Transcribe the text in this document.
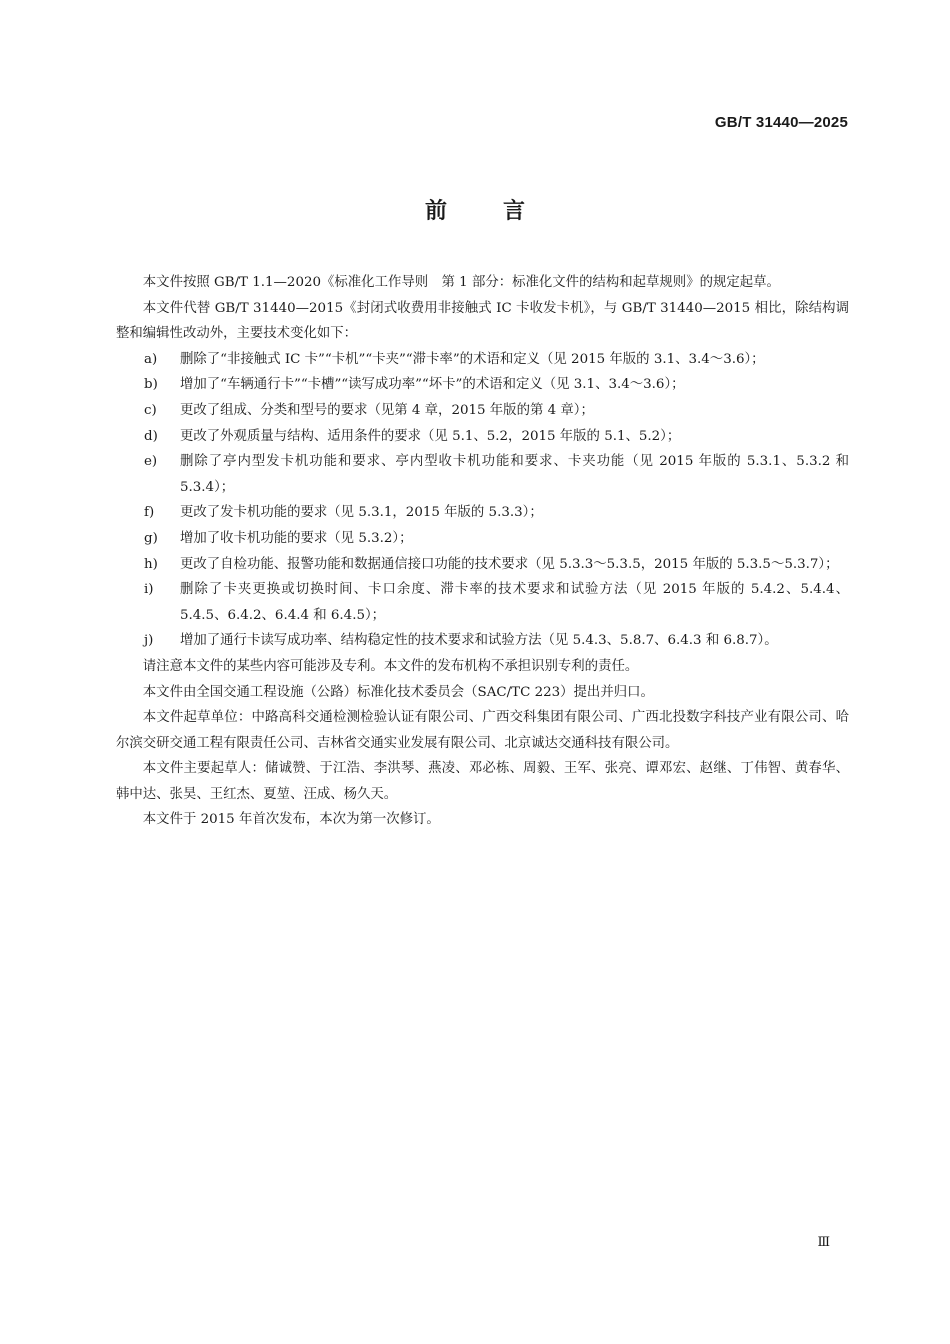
GB/T 31440—2025
前言

本文件按照 GB/T 1.1—2020《标准化工作导则　第 1 部分：标准化文件的结构和起草规则》的规定起草。

本文件代替 GB/T 31440—2015《封闭式收费用非接触式 IC 卡收发卡机》，与 GB/T 31440—2015 相比，除结构调整和编辑性改动外，主要技术变化如下：

a)	删除了“非接触式 IC 卡”“卡机”“卡夹”“滞卡率”的术语和定义（见 2015 年版的 3.1、3.4～3.6）；
b)	增加了“车辆通行卡”“卡槽”“读写成功率”“坏卡”的术语和定义（见 3.1、3.4～3.6）；
c)	更改了组成、分类和型号的要求（见第 4 章，2015 年版的第 4 章）；
d)	更改了外观质量与结构、适用条件的要求（见 5.1、5.2，2015 年版的 5.1、5.2）；
e)	删除了亭内型发卡机功能和要求、亭内型收卡机功能和要求、卡夹功能（见 2015 年版的 5.3.1、5.3.2 和 5.3.4）；
f)	更改了发卡机功能的要求（见 5.3.1，2015 年版的 5.3.3）；
g)	增加了收卡机功能的要求（见 5.3.2）；
h)	更改了自检功能、报警功能和数据通信接口功能的技术要求（见 5.3.3～5.3.5，2015 年版的 5.3.5～5.3.7）；
i)	删除了卡夹更换或切换时间、卡口余度、滞卡率的技术要求和试验方法（见 2015 年版的 5.4.2、5.4.4、5.4.5、6.4.2、6.4.4 和 6.4.5）；
j)	增加了通行卡读写成功率、结构稳定性的技术要求和试验方法（见 5.4.3、5.8.7、6.4.3 和 6.8.7）。

请注意本文件的某些内容可能涉及专利。本文件的发布机构不承担识别专利的责任。

本文件由全国交通工程设施（公路）标准化技术委员会（SAC/TC 223）提出并归口。

本文件起草单位：中路高科交通检测检验认证有限公司、广西交科集团有限公司、广西北投数字科技产业有限公司、哈尔滨交研交通工程有限责任公司、吉林省交通实业发展有限公司、北京诚达交通科技有限公司。

本文件主要起草人：储诚赞、于江浩、李洪琴、燕凌、邓必栋、周毅、王军、张亮、谭邓宏、赵继、丁伟智、黄春华、韩中达、张昊、王红杰、夏堃、汪成、杨久天。

本文件于 2015 年首次发布，本次为第一次修订。

Ⅲ
